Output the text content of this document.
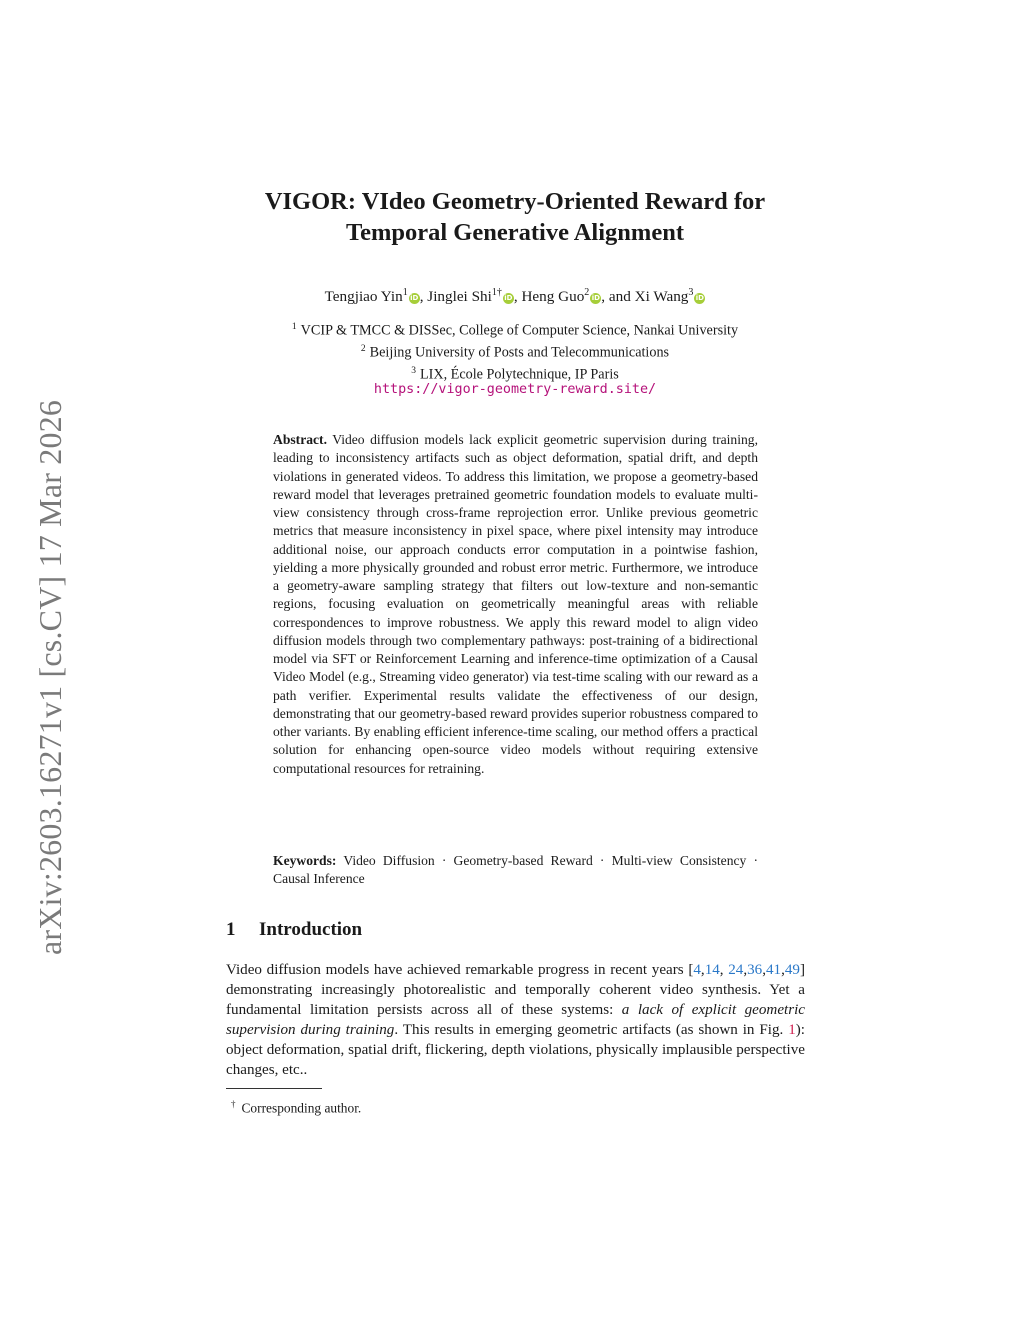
arXiv:2603.16271v1 [cs.CV] 17 Mar 2026
VIGOR: VIdeo Geometry-Oriented Reward for
Temporal Generative Alignment
Tengjiao Yin$^1$iD, Jinglei Shi$^{1\dagger}$iD, Heng Guo$^2$iD, and Xi Wang$^3$iD
$^1$ VCIP & TMCC & DISSec, College of Computer Science, Nankai University
$^2$ Beijing University of Posts and Telecommunications
$^3$ LIX, École Polytechnique, IP Paris
https://vigor-geometry-reward.site/
Abstract. Video diffusion models lack explicit geometric supervision during training, leading to inconsistency artifacts such as object deformation, spatial drift, and depth violations in generated videos. To address this limitation, we propose a geometry-based reward model that leverages pretrained geometric foundation models to evaluate multi-view consistency through cross-frame reprojection error. Unlike previous geometric metrics that measure inconsistency in pixel space, where pixel intensity may introduce additional noise, our approach conducts error computation in a pointwise fashion, yielding a more physically grounded and robust error metric. Furthermore, we introduce a geometry-aware sampling strategy that filters out low-texture and non-semantic regions, focusing evaluation on geometrically meaningful areas with reliable correspondences to improve robustness. We apply this reward model to align video diffusion models through two complementary pathways: post-training of a bidirectional model via SFT or Reinforcement Learning and inference-time optimization of a Causal Video Model (e.g., Streaming video generator) via test-time scaling with our reward as a path verifier. Experimental results validate the effectiveness of our design, demonstrating that our geometry-based reward provides superior robustness compared to other variants. By enabling efficient inference-time scaling, our method offers a practical solution for enhancing open-source video models without requiring extensive computational resources for retraining.
Keywords: Video Diffusion · Geometry-based Reward · Multi-view Consistency · Causal Inference
1 Introduction
Video diffusion models have achieved remarkable progress in recent years [4,14, 24,36,41,49] demonstrating increasingly photorealistic and temporally coherent video synthesis. Yet a fundamental limitation persists across all of these systems: a lack of explicit geometric supervision during training. This results in emerging geometric artifacts (as shown in Fig. 1): object deformation, spatial drift, flickering, depth violations, physically implausible perspective changes, etc..
† Corresponding author.
